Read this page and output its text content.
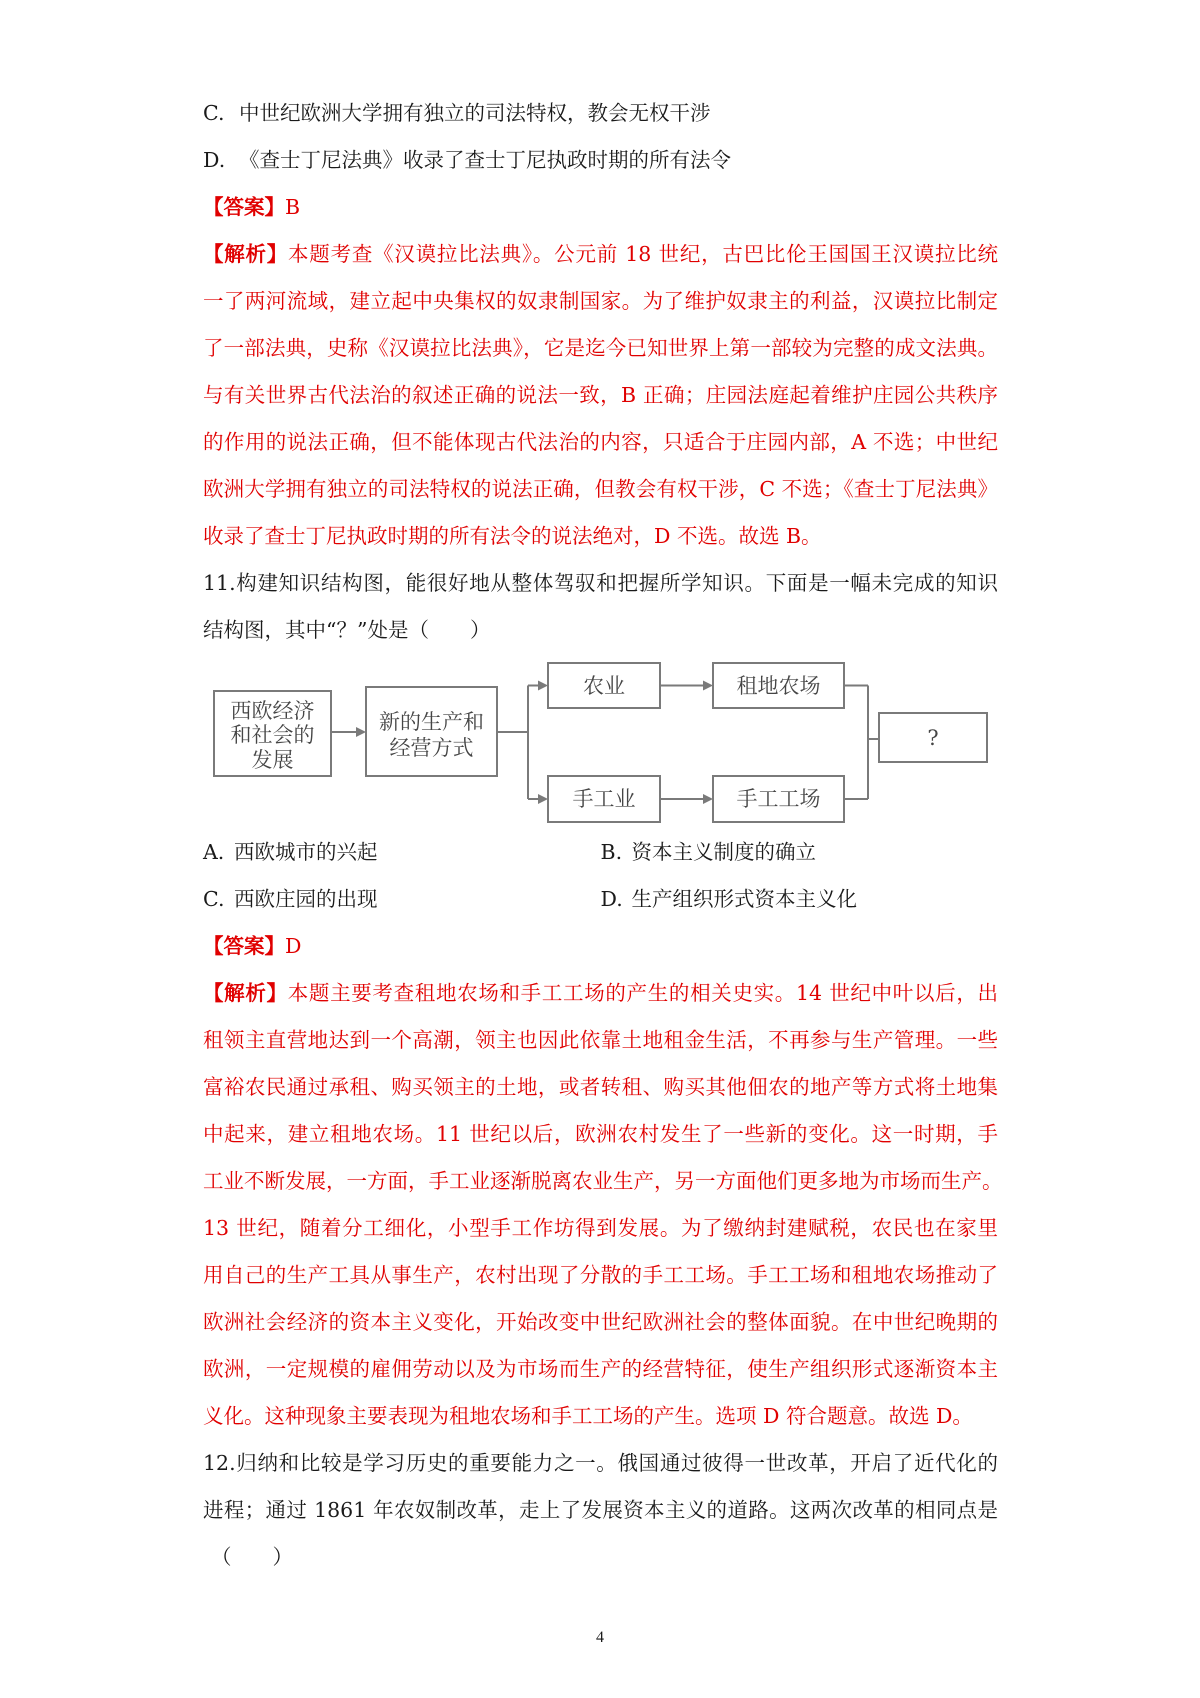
C. 中世纪欧洲大学拥有独立的司法特权，教会无权干涉
D. 《查士丁尼法典》收录了查士丁尼执政时期的所有法令
【答案】B
【解析】本题考查《汉谟拉比法典》。公元前 18 世纪，古巴比伦王国国王汉谟拉比统
一了两河流域，建立起中央集权的奴隶制国家。为了维护奴隶主的利益，汉谟拉比制定
了一部法典，史称《汉谟拉比法典》，它是迄今已知世界上第一部较为完整的成文法典。
与有关世界古代法治的叙述正确的说法一致，B 正确；庄园法庭起着维护庄园公共秩序
的作用的说法正确，但不能体现古代法治的内容，只适合于庄园内部，A 不选；中世纪
欧洲大学拥有独立的司法特权的说法正确，但教会有权干涉，C 不选；《查士丁尼法典》
收录了查士丁尼执政时期的所有法令的说法绝对，D 不选。故选 B。
11.构建知识结构图，能很好地从整体驾驭和把握所学知识。下面是一幅未完成的知识
结构图，其中“？”处是（　　）
西欧经济
和社会的
发展
新的生产和
经营方式
农业	租地农场
手工业	手工工场
?
A. 西欧城市的兴起	B. 资本主义制度的确立
C. 西欧庄园的出现	D. 生产组织形式资本主义化
【答案】D
【解析】本题主要考查租地农场和手工工场的产生的相关史实。14 世纪中叶以后，出
租领主直营地达到一个高潮，领主也因此依靠土地租金生活，不再参与生产管理。一些
富裕农民通过承租、购买领主的土地，或者转租、购买其他佃农的地产等方式将土地集
中起来，建立租地农场。11 世纪以后，欧洲农村发生了一些新的变化。这一时期，手
工业不断发展，一方面，手工业逐渐脱离农业生产，另一方面他们更多地为市场而生产。
13 世纪，随着分工细化，小型手工作坊得到发展。为了缴纳封建赋税，农民也在家里
用自己的生产工具从事生产，农村出现了分散的手工工场。手工工场和租地农场推动了
欧洲社会经济的资本主义变化，开始改变中世纪欧洲社会的整体面貌。在中世纪晚期的
欧洲，一定规模的雇佣劳动以及为市场而生产的经营特征，使生产组织形式逐渐资本主
义化。这种现象主要表现为租地农场和手工工场的产生。选项 D 符合题意。故选 D。
12.归纳和比较是学习历史的重要能力之一。俄国通过彼得一世改革，开启了近代化的
进程；通过 1861 年农奴制改革，走上了发展资本主义的道路。这两次改革的相同点是
（　　）
4
